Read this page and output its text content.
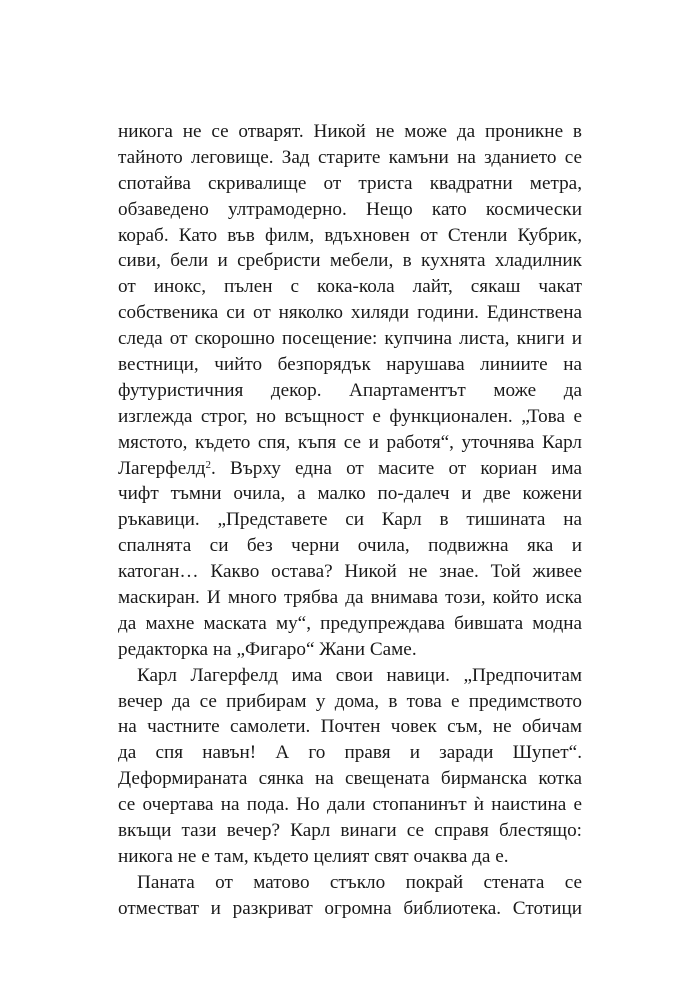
никога не се отварят. Никой не може да проникне в
тайното леговище. Зад старите камъни на зданието се
спотайва скривалище от триста квадратни метра,
обзаведено ултрамодерно. Нещо като космически
кораб. Като във филм, вдъхновен от Стенли Кубрик,
сиви, бели и сребристи мебели, в кухнята хладилник
от инокс, пълен с кока-кола лайт, сякаш чакат
собственика си от няколко хиляди години. Единствена
следа от скорошно посещение: купчина листа, книги и
вестници, чийто безпорядък нарушава линиите на
футуристичния декор. Апартаментът може да
изглежда строг, но всъщност е функционален. „Това е
мястото, където спя, къпя се и работя“, уточнява Карл
Лагерфелд$^2$. Върху една от масите от кориан има
чифт тъмни очила, а малко по-далеч и две кожени
ръкавици. „Представете си Карл в тишината на
спалнята си без черни очила, подвижна яка и
катоган… Какво остава? Никой не знае. Той живее
маскиран. И много трябва да внимава този, който иска
да махне маската му“, предупреждава бившата модна
редакторка на „Фигаро“ Жани Саме.
Карл Лагерфелд има свои навици. „Предпочитам
вечер да се прибирам у дома, в това е предимството
на частните самолети. Почтен човек съм, не обичам
да спя навън! А го правя и заради Шупет“.
Деформираната сянка на свещената бирманска котка
се очертава на пода. Но дали стопанинът ѝ наистина е
вкъщи тази вечер? Карл винаги се справя блестящо:
никога не е там, където целият свят очаква да е.
Паната от матово стъкло покрай стената се
отместват и разкриват огромна библиотека. Стотици
